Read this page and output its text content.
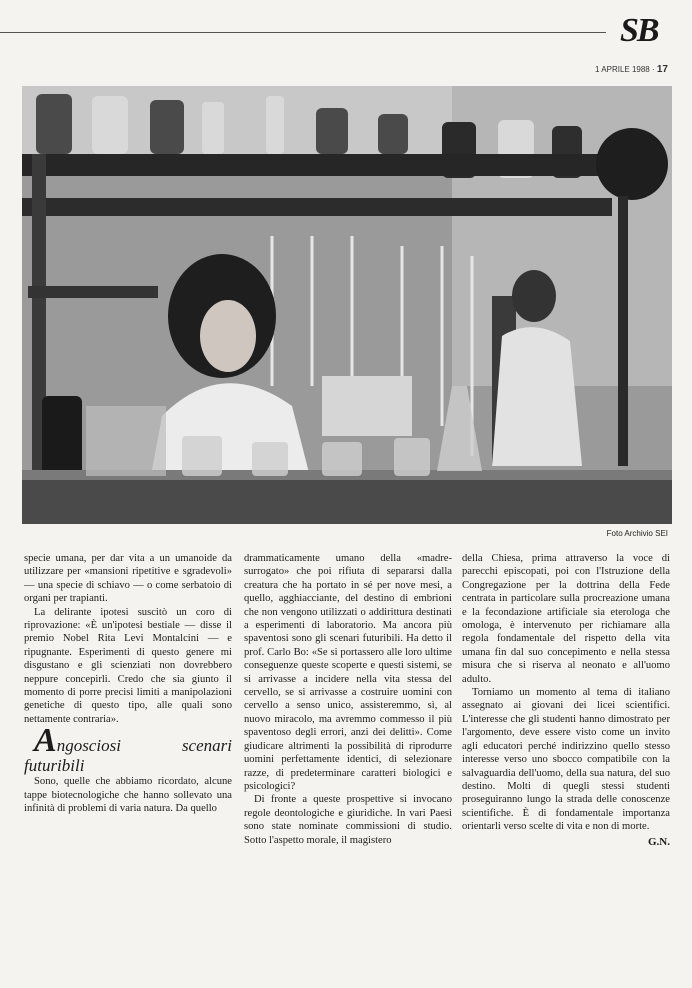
SB
1 APRILE 1988 · 17
Foto Archivio SEI

specie umana, per dar vita a un umanoide da utilizzare per «mansioni ripetitive e sgradevoli» — una specie di schiavo — o come serbatoio di organi per trapianti.

La delirante ipotesi suscitò un coro di riprovazione: «È un'ipotesi bestiale — disse il premio Nobel Rita Levi Montalcini — e ripugnante. Esperimenti di questo genere mi disgustano e gli scienziati non dovrebbero neppure concepirli. Credo che sia giunto il momento di porre precisi limiti a manipolazioni genetiche di questo tipo, alle quali sono nettamente contraria».

Angosciosi scenari futuribili

Sono, quelle che abbiamo ricordato, alcune tappe biotecnologiche che hanno sollevato una infinità di problemi di varia natura. Da quello

drammaticamente umano della «madre-surrogato» che poi rifiuta di separarsi dalla creatura che ha portato in sé per nove mesi, a quello, agghiacciante, del destino di embrioni che non vengono utilizzati o addirittura destinati a esperimenti di laboratorio. Ma ancora più spaventosi sono gli scenari futuribili. Ha detto il prof. Carlo Bo: «Se si portassero alle loro ultime conseguenze queste scoperte e questi sistemi, se si arrivasse a incidere nella vita stessa del cervello, se si arrivasse a costruire uomini con cervello a senso unico, assisteremmo, sì, al nuovo miracolo, ma avremmo commesso il più spaventoso degli errori, anzi dei delitti». Come giudicare altrimenti la possibilità di riprodurre uomini perfettamente identici, di selezionare razze, di predeterminare caratteri biologici e psicologici?

Di fronte a queste prospettive si invocano regole deontologiche e giuridiche. In vari Paesi sono state nominate commissioni di studio. Sotto l'aspetto morale, il magistero

della Chiesa, prima attraverso la voce di parecchi episcopati, poi con l'Istruzione della Congregazione per la dottrina della Fede centrata in particolare sulla procreazione umana e la fecondazione artificiale sia eterologa che omologa, è intervenuto per richiamare alla regola fondamentale del rispetto della vita umana fin dal suo concepimento e nella stessa misura che si riserva al neonato e all'uomo adulto.

Torniamo un momento al tema di italiano assegnato ai giovani dei licei scientifici. L'interesse che gli studenti hanno dimostrato per l'argomento, deve essere visto come un invito agli educatori perché indirizzino quello stesso interesse verso uno sbocco compatibile con la salvaguardia dell'uomo, della sua natura, del suo destino. Molti di quegli stessi studenti proseguiranno lungo la strada delle conoscenze scientifiche. È di fondamentale importanza orientarli verso scelte di vita e non di morte.

G.N.
